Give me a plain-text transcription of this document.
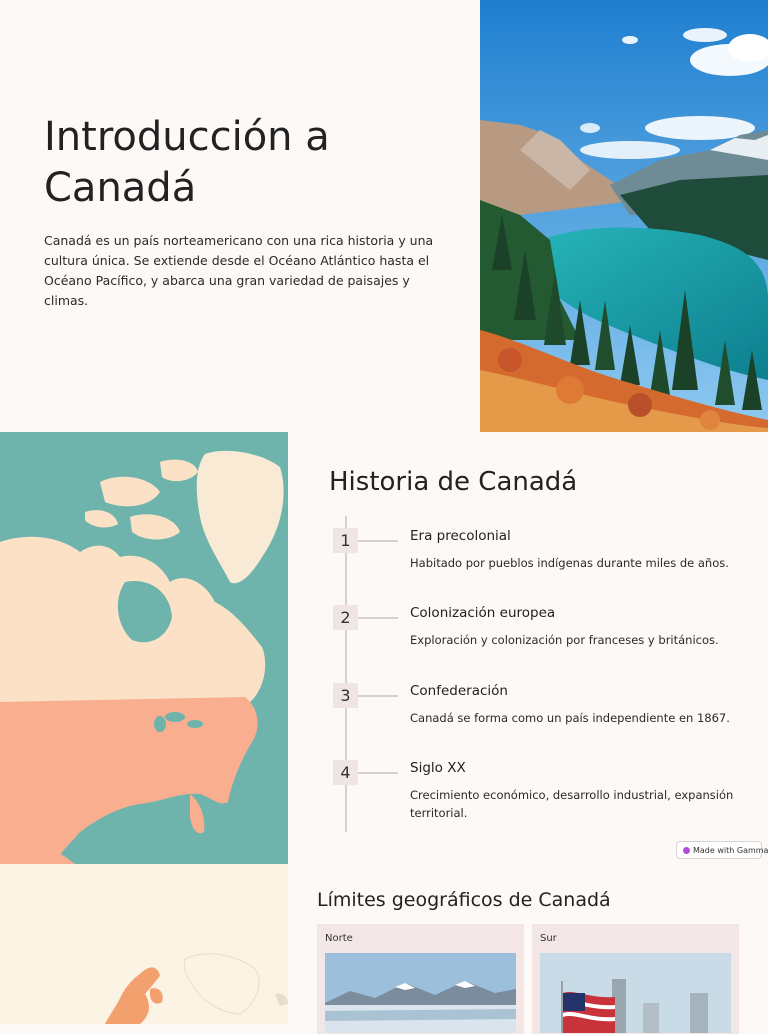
Introducción a Canadá

Canadá es un país norteamericano con una rica historia y una cultura única. Se extiende desde el Océano Atlántico hasta el Océano Pacífico, y abarca una gran variedad de paisajes y climas.

Historia de Canadá
1	Era precolonial
Habitado por pueblos indígenas durante miles de años.
2	Colonización europea
Exploración y colonización por franceses y británicos.
3	Confederación
Canadá se forma como un país independiente en 1867.
4	Siglo XX
Crecimiento económico, desarrollo industrial, expansión territorial.
Made with Gamma
Límites geográficos de Canadá
Norte	Sur
